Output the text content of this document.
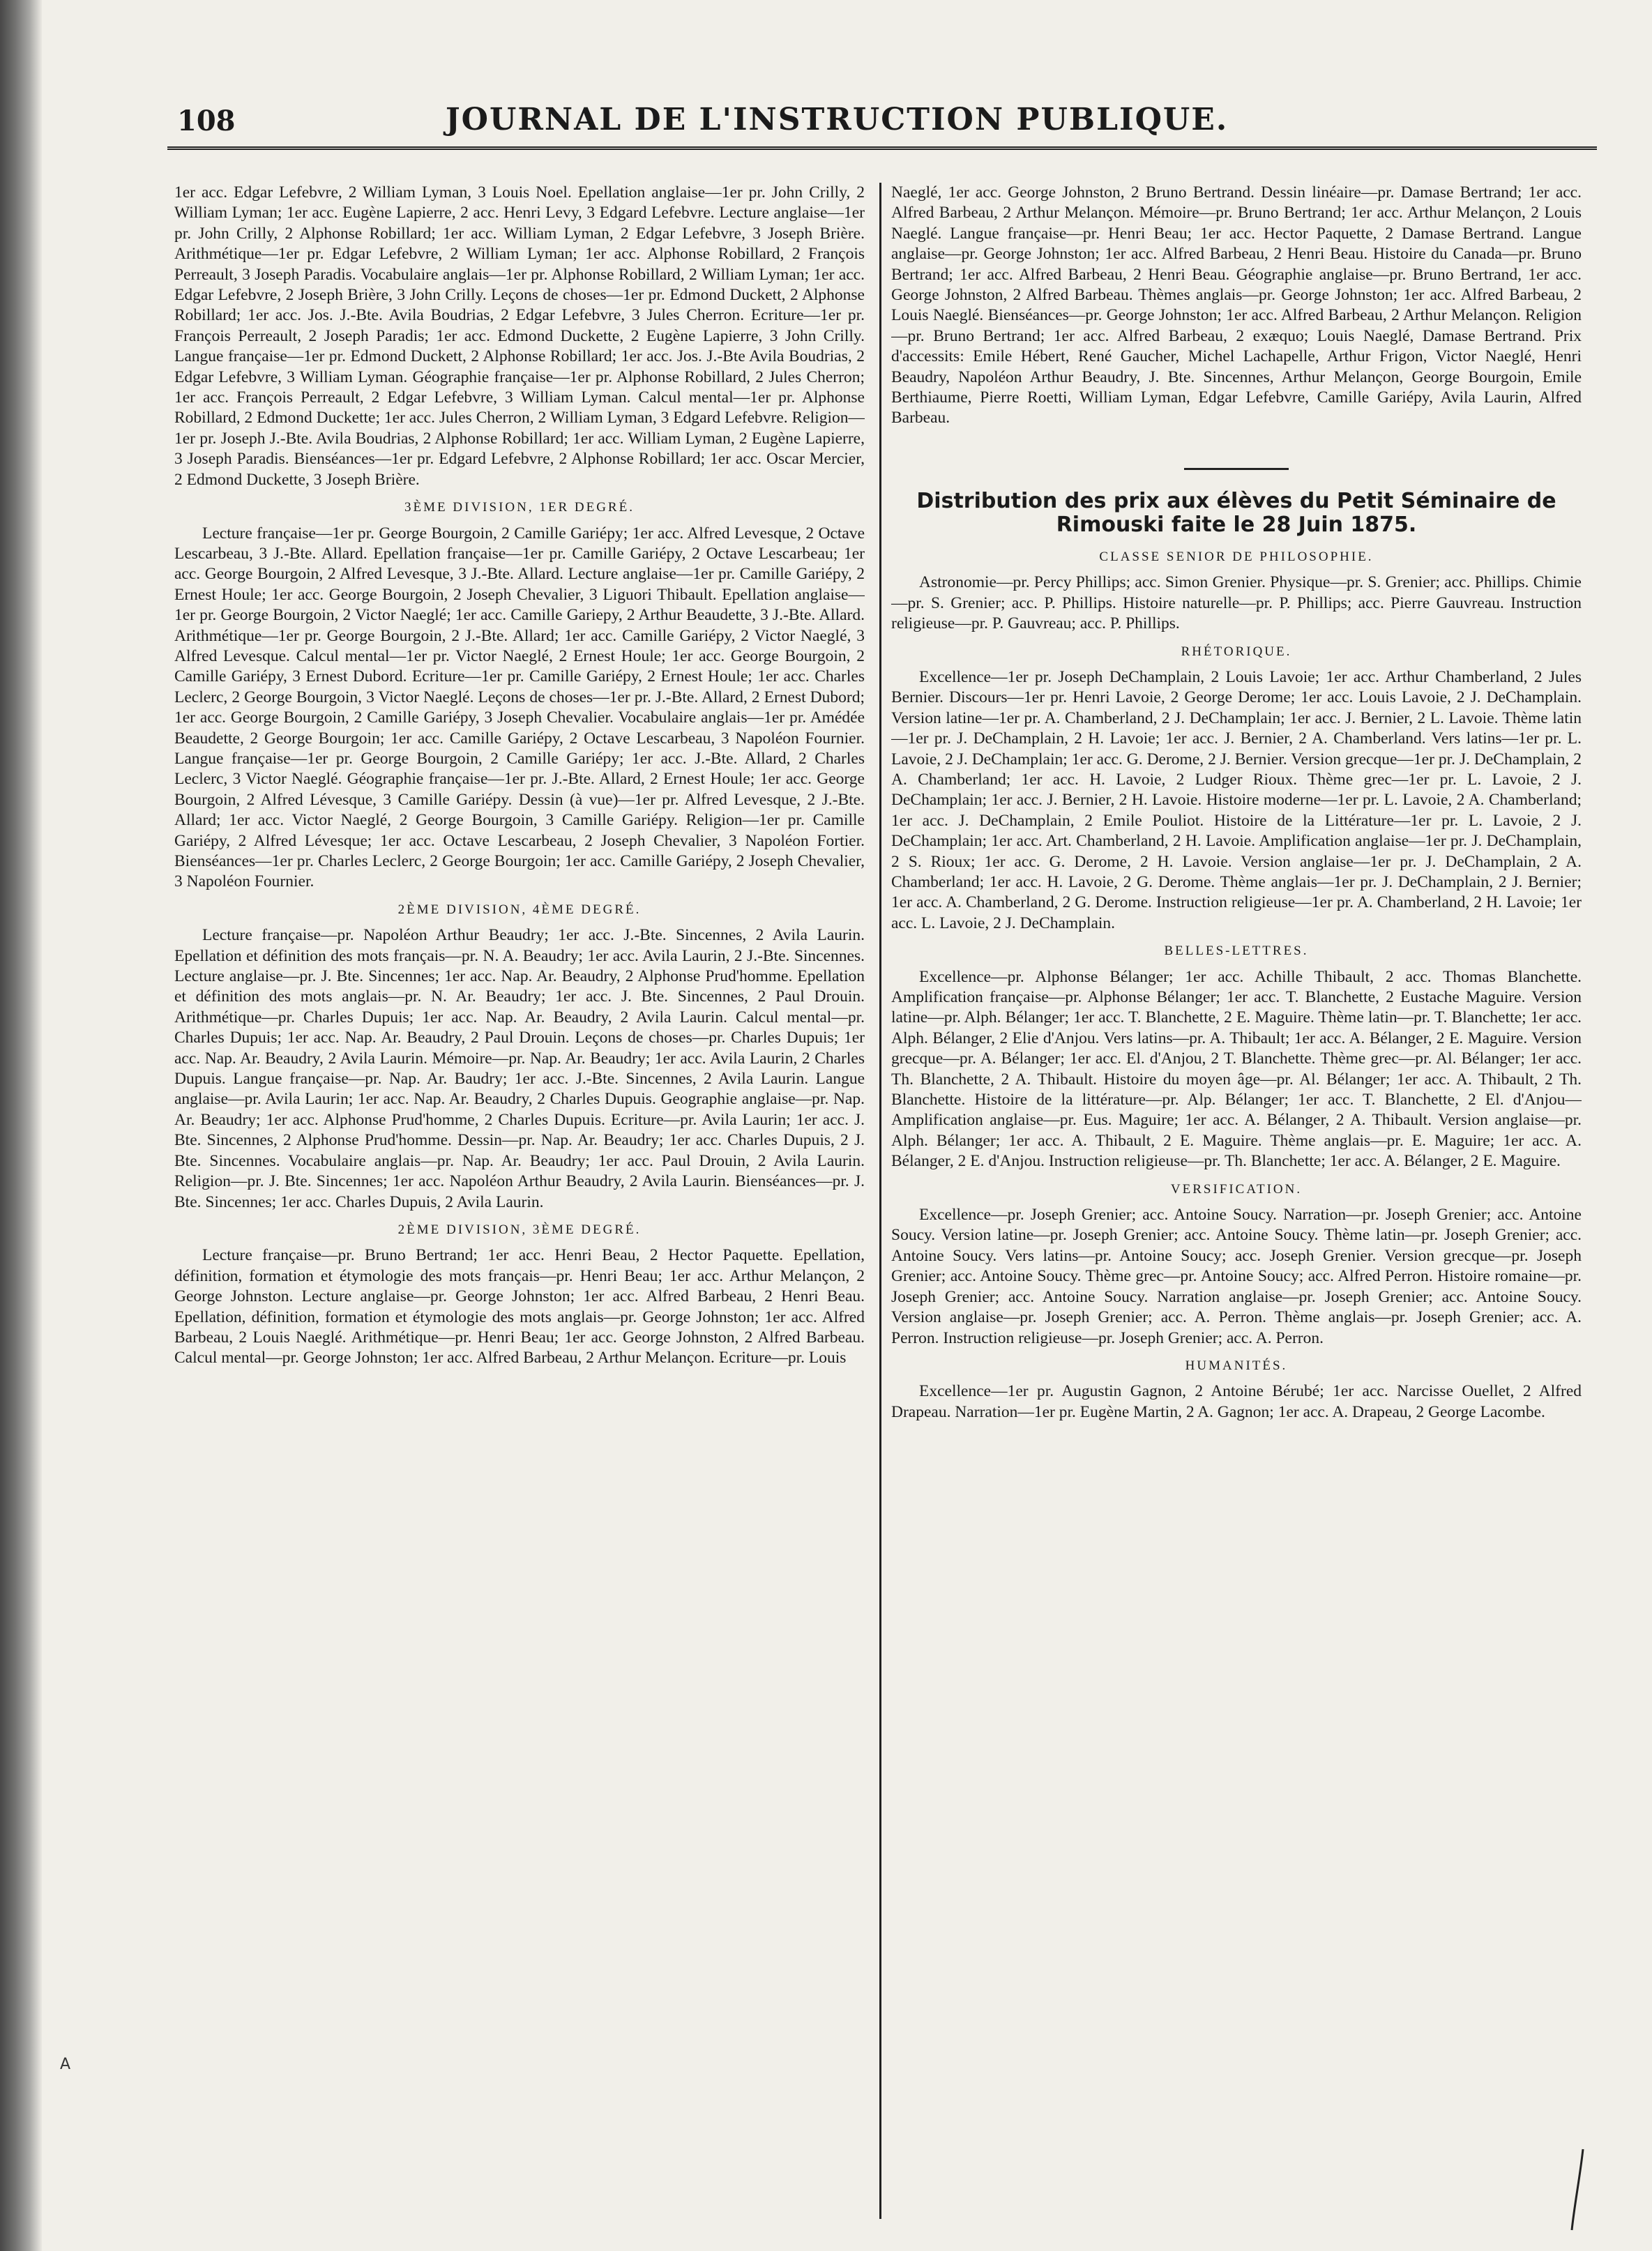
108	JOURNAL DE L'INSTRUCTION PUBLIQUE.

1er acc. Edgar Lefebvre, 2 William Lyman, 3 Louis Noel. Epellation anglaise—1er pr. John Crilly, 2 William Lyman; 1er acc. Eugène Lapierre, 2 acc. Henri Levy, 3 Edgard Lefebvre. Lecture anglaise—1er pr. John Crilly, 2 Alphonse Robillard; 1er acc. William Lyman, 2 Edgar Lefebvre, 3 Joseph Brière. Arithmétique—1er pr. Edgar Lefebvre, 2 William Lyman; 1er acc. Alphonse Robillard, 2 François Perreault, 3 Joseph Paradis. Vocabulaire anglais—1er pr. Alphonse Robillard, 2 William Lyman; 1er acc. Edgar Lefebvre, 2 Joseph Brière, 3 John Crilly. Leçons de choses—1er pr. Edmond Duckett, 2 Alphonse Robillard; 1er acc. Jos. J.-Bte. Avila Boudrias, 2 Edgar Lefebvre, 3 Jules Cherron. Ecriture—1er pr. François Perreault, 2 Joseph Paradis; 1er acc. Edmond Duckette, 2 Eugène Lapierre, 3 John Crilly. Langue française—1er pr. Edmond Duckett, 2 Alphonse Robillard; 1er acc. Jos. J.-Bte Avila Boudrias, 2 Edgar Lefebvre, 3 William Lyman. Géographie française—1er pr. Alphonse Robillard, 2 Jules Cherron; 1er acc. François Perreault, 2 Edgar Lefebvre, 3 William Lyman. Calcul mental—1er pr. Alphonse Robillard, 2 Edmond Duckette; 1er acc. Jules Cherron, 2 William Lyman, 3 Edgard Lefebvre. Religion—1er pr. Joseph J.-Bte. Avila Boudrias, 2 Alphonse Robillard; 1er acc. William Lyman, 2 Eugène Lapierre, 3 Joseph Paradis. Bienséances—1er pr. Edgard Lefebvre, 2 Alphonse Robillard; 1er acc. Oscar Mercier, 2 Edmond Duckette, 3 Joseph Brière.

3ÈME DIVISION, 1ER DEGRÉ.

Lecture française—1er pr. George Bourgoin, 2 Camille Gariépy; 1er acc. Alfred Levesque, 2 Octave Lescarbeau, 3 J.-Bte. Allard. Epellation française—1er pr. Camille Gariépy, 2 Octave Lescarbeau; 1er acc. George Bourgoin, 2 Alfred Levesque, 3 J.-Bte. Allard. Lecture anglaise—1er pr. Camille Gariépy, 2 Ernest Houle; 1er acc. George Bourgoin, 2 Joseph Chevalier, 3 Liguori Thibault. Epellation anglaise—1er pr. George Bourgoin, 2 Victor Naeglé; 1er acc. Camille Gariepy, 2 Arthur Beaudette, 3 J.-Bte. Allard. Arithmétique—1er pr. George Bourgoin, 2 J.-Bte. Allard; 1er acc. Camille Gariépy, 2 Victor Naeglé, 3 Alfred Levesque. Calcul mental—1er pr. Victor Naeglé, 2 Ernest Houle; 1er acc. George Bourgoin, 2 Camille Gariépy, 3 Ernest Dubord. Ecriture—1er pr. Camille Gariépy, 2 Ernest Houle; 1er acc. Charles Leclerc, 2 George Bourgoin, 3 Victor Naeglé. Leçons de choses—1er pr. J.-Bte. Allard, 2 Ernest Dubord; 1er acc. George Bourgoin, 2 Camille Gariépy, 3 Joseph Chevalier. Vocabulaire anglais—1er pr. Amédée Beaudette, 2 George Bourgoin; 1er acc. Camille Gariépy, 2 Octave Lescarbeau, 3 Napoléon Fournier. Langue française—1er pr. George Bourgoin, 2 Camille Gariépy; 1er acc. J.-Bte. Allard, 2 Charles Leclerc, 3 Victor Naeglé. Géographie française—1er pr. J.-Bte. Allard, 2 Ernest Houle; 1er acc. George Bourgoin, 2 Alfred Lévesque, 3 Camille Gariépy. Dessin (à vue)—1er pr. Alfred Levesque, 2 J.-Bte. Allard; 1er acc. Victor Naeglé, 2 George Bourgoin, 3 Camille Gariépy. Religion—1er pr. Camille Gariépy, 2 Alfred Lévesque; 1er acc. Octave Lescarbeau, 2 Joseph Chevalier, 3 Napoléon Fortier. Bienséances—1er pr. Charles Leclerc, 2 George Bourgoin; 1er acc. Camille Gariépy, 2 Joseph Chevalier, 3 Napoléon Fournier.

2ÈME DIVISION, 4ÈME DEGRÉ.

Lecture française—pr. Napoléon Arthur Beaudry; 1er acc. J.-Bte. Sincennes, 2 Avila Laurin. Epellation et définition des mots français—pr. N. A. Beaudry; 1er acc. Avila Laurin, 2 J.-Bte. Sincennes. Lecture anglaise—pr. J. Bte. Sincennes; 1er acc. Nap. Ar. Beaudry, 2 Alphonse Prud'homme. Epellation et définition des mots anglais—pr. N. Ar. Beaudry; 1er acc. J. Bte. Sincennes, 2 Paul Drouin. Arithmétique—pr. Charles Dupuis; 1er acc. Nap. Ar. Beaudry, 2 Avila Laurin. Calcul mental—pr. Charles Dupuis; 1er acc. Nap. Ar. Beaudry, 2 Paul Drouin. Leçons de choses—pr. Charles Dupuis; 1er acc. Nap. Ar. Beaudry, 2 Avila Laurin. Mémoire—pr. Nap. Ar. Beaudry; 1er acc. Avila Laurin, 2 Charles Dupuis. Langue française—pr. Nap. Ar. Baudry; 1er acc. J.-Bte. Sincennes, 2 Avila Laurin. Langue anglaise—pr. Avila Laurin; 1er acc. Nap. Ar. Beaudry, 2 Charles Dupuis. Geographie anglaise—pr. Nap. Ar. Beaudry; 1er acc. Alphonse Prud'homme, 2 Charles Dupuis. Ecriture—pr. Avila Laurin; 1er acc. J. Bte. Sincennes, 2 Alphonse Prud'homme. Dessin—pr. Nap. Ar. Beaudry; 1er acc. Charles Dupuis, 2 J. Bte. Sincennes. Vocabulaire anglais—pr. Nap. Ar. Beaudry; 1er acc. Paul Drouin, 2 Avila Laurin. Religion—pr. J. Bte. Sincennes; 1er acc. Napoléon Arthur Beaudry, 2 Avila Laurin. Bienséances—pr. J. Bte. Sincennes; 1er acc. Charles Dupuis, 2 Avila Laurin.

2ÈME DIVISION, 3ÈME DEGRÉ.

Lecture française—pr. Bruno Bertrand; 1er acc. Henri Beau, 2 Hector Paquette. Epellation, définition, formation et étymologie des mots français—pr. Henri Beau; 1er acc. Arthur Melançon, 2 George Johnston. Lecture anglaise—pr. George Johnston; 1er acc. Alfred Barbeau, 2 Henri Beau. Epellation, définition, formation et étymologie des mots anglais—pr. George Johnston; 1er acc. Alfred Barbeau, 2 Louis Naeglé. Arithmétique—pr. Henri Beau; 1er acc. George Johnston, 2 Alfred Barbeau. Calcul mental—pr. George Johnston; 1er acc. Alfred Barbeau, 2 Arthur Melançon. Ecriture—pr. Louis

Naeglé, 1er acc. George Johnston, 2 Bruno Bertrand. Dessin linéaire—pr. Damase Bertrand; 1er acc. Alfred Barbeau, 2 Arthur Melançon. Mémoire—pr. Bruno Bertrand; 1er acc. Arthur Melançon, 2 Louis Naeglé. Langue française—pr. Henri Beau; 1er acc. Hector Paquette, 2 Damase Bertrand. Langue anglaise—pr. George Johnston; 1er acc. Alfred Barbeau, 2 Henri Beau. Histoire du Canada—pr. Bruno Bertrand; 1er acc. Alfred Barbeau, 2 Henri Beau. Géographie anglaise—pr. Bruno Bertrand, 1er acc. George Johnston, 2 Alfred Barbeau. Thèmes anglais—pr. George Johnston; 1er acc. Alfred Barbeau, 2 Louis Naeglé. Bienséances—pr. George Johnston; 1er acc. Alfred Barbeau, 2 Arthur Melançon. Religion—pr. Bruno Bertrand; 1er acc. Alfred Barbeau, 2 exæquo; Louis Naeglé, Damase Bertrand. Prix d'accessits: Emile Hébert, René Gaucher, Michel Lachapelle, Arthur Frigon, Victor Naeglé, Henri Beaudry, Napoléon Arthur Beaudry, J. Bte. Sincennes, Arthur Melançon, George Bourgoin, Emile Berthiaume, Pierre Roetti, William Lyman, Edgar Lefebvre, Camille Gariépy, Avila Laurin, Alfred Barbeau.

Distribution des prix aux élèves du Petit Séminaire de Rimouski faite le 28 Juin 1875.
CLASSE SENIOR DE PHILOSOPHIE.

Astronomie—pr. Percy Phillips; acc. Simon Grenier. Physique—pr. S. Grenier; acc. Phillips. Chimie—pr. S. Grenier; acc. P. Phillips. Histoire naturelle—pr. P. Phillips; acc. Pierre Gauvreau. Instruction religieuse—pr. P. Gauvreau; acc. P. Phillips.

RHÉTORIQUE.

Excellence—1er pr. Joseph DeChamplain, 2 Louis Lavoie; 1er acc. Arthur Chamberland, 2 Jules Bernier. Discours—1er pr. Henri Lavoie, 2 George Derome; 1er acc. Louis Lavoie, 2 J. DeChamplain. Version latine—1er pr. A. Chamberland, 2 J. DeChamplain; 1er acc. J. Bernier, 2 L. Lavoie. Thème latin—1er pr. J. DeChamplain, 2 H. Lavoie; 1er acc. J. Bernier, 2 A. Chamberland. Vers latins—1er pr. L. Lavoie, 2 J. DeChamplain; 1er acc. G. Derome, 2 J. Bernier. Version grecque—1er pr. J. DeChamplain, 2 A. Chamberland; 1er acc. H. Lavoie, 2 Ludger Rioux. Thème grec—1er pr. L. Lavoie, 2 J. DeChamplain; 1er acc. J. Bernier, 2 H. Lavoie. Histoire moderne—1er pr. L. Lavoie, 2 A. Chamberland; 1er acc. J. DeChamplain, 2 Emile Pouliot. Histoire de la Littérature—1er pr. L. Lavoie, 2 J. DeChamplain; 1er acc. Art. Chamberland, 2 H. Lavoie. Amplification anglaise—1er pr. J. DeChamplain, 2 S. Rioux; 1er acc. G. Derome, 2 H. Lavoie. Version anglaise—1er pr. J. DeChamplain, 2 A. Chamberland; 1er acc. H. Lavoie, 2 G. Derome. Thème anglais—1er pr. J. DeChamplain, 2 J. Bernier; 1er acc. A. Chamberland, 2 G. Derome. Instruction religieuse—1er pr. A. Chamberland, 2 H. Lavoie; 1er acc. L. Lavoie, 2 J. DeChamplain.

BELLES-LETTRES.

Excellence—pr. Alphonse Bélanger; 1er acc. Achille Thibault, 2 acc. Thomas Blanchette. Amplification française—pr. Alphonse Bélanger; 1er acc. T. Blanchette, 2 Eustache Maguire. Version latine—pr. Alph. Bélanger; 1er acc. T. Blanchette, 2 E. Maguire. Thème latin—pr. T. Blanchette; 1er acc. Alph. Bélanger, 2 Elie d'Anjou. Vers latins—pr. A. Thibault; 1er acc. A. Bélanger, 2 E. Maguire. Version grecque—pr. A. Bélanger; 1er acc. El. d'Anjou, 2 T. Blanchette. Thème grec—pr. Al. Bélanger; 1er acc. Th. Blanchette, 2 A. Thibault. Histoire du moyen âge—pr. Al. Bélanger; 1er acc. A. Thibault, 2 Th. Blanchette. Histoire de la littérature—pr. Alp. Bélanger; 1er acc. T. Blanchette, 2 El. d'Anjou—Amplification anglaise—pr. Eus. Maguire; 1er acc. A. Bélanger, 2 A. Thibault. Version anglaise—pr. Alph. Bélanger; 1er acc. A. Thibault, 2 E. Maguire. Thème anglais—pr. E. Maguire; 1er acc. A. Bélanger, 2 E. d'Anjou. Instruction religieuse—pr. Th. Blanchette; 1er acc. A. Bélanger, 2 E. Maguire.

VERSIFICATION.

Excellence—pr. Joseph Grenier; acc. Antoine Soucy. Narration—pr. Joseph Grenier; acc. Antoine Soucy. Version latine—pr. Joseph Grenier; acc. Antoine Soucy. Thème latin—pr. Joseph Grenier; acc. Antoine Soucy. Vers latins—pr. Antoine Soucy; acc. Joseph Grenier. Version grecque—pr. Joseph Grenier; acc. Antoine Soucy. Thème grec—pr. Antoine Soucy; acc. Alfred Perron. Histoire romaine—pr. Joseph Grenier; acc. Antoine Soucy. Narration anglaise—pr. Joseph Grenier; acc. Antoine Soucy. Version anglaise—pr. Joseph Grenier; acc. A. Perron. Thème anglais—pr. Joseph Grenier; acc. A. Perron. Instruction religieuse—pr. Joseph Grenier; acc. A. Perron.

HUMANITÉS.

Excellence—1er pr. Augustin Gagnon, 2 Antoine Bérubé; 1er acc. Narcisse Ouellet, 2 Alfred Drapeau. Narration—1er pr. Eugène Martin, 2 A. Gagnon; 1er acc. A. Drapeau, 2 George Lacombe.

A
